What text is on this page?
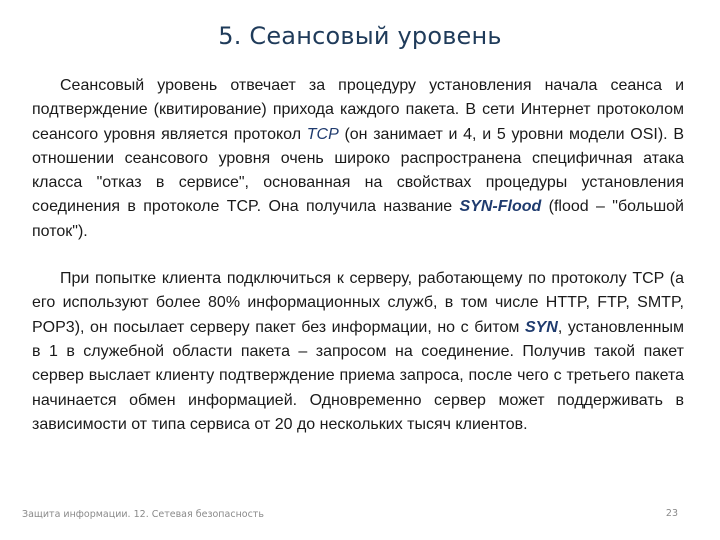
5. Сеансовый уровень

Сеансовый уровень отвечает за процедуру установления начала сеанса и подтверждение (квитирование) прихода каждого пакета. В сети Интернет протоколом сеансого уровня является протокол TCP (он занимает и 4, и 5 уровни модели OSI). В отношении сеансового уровня очень широко распространена специфичная атака класса "отказ в сервисе", основанная на свойствах процедуры установления соединения в протоколе TCP. Она получила название SYN-Flood (flood – "большой поток").

При попытке клиента подключиться к серверу, работающему по протоколу TCP (а его используют более 80% информационных служб, в том числе HTTP, FTP, SMTP, POP3), он посылает серверу пакет без информации, но с битом SYN, установленным в 1 в служебной области пакета – запросом на соединение. Получив такой пакет сервер выслает клиенту подтверждение приема запроса, после чего с третьего пакета начинается обмен информацией. Одновременно сервер может поддерживать в зависимости от типа сервиса от 20 до нескольких тысяч клиентов.

Защита информации. 12. Сетевая безопасность	23
